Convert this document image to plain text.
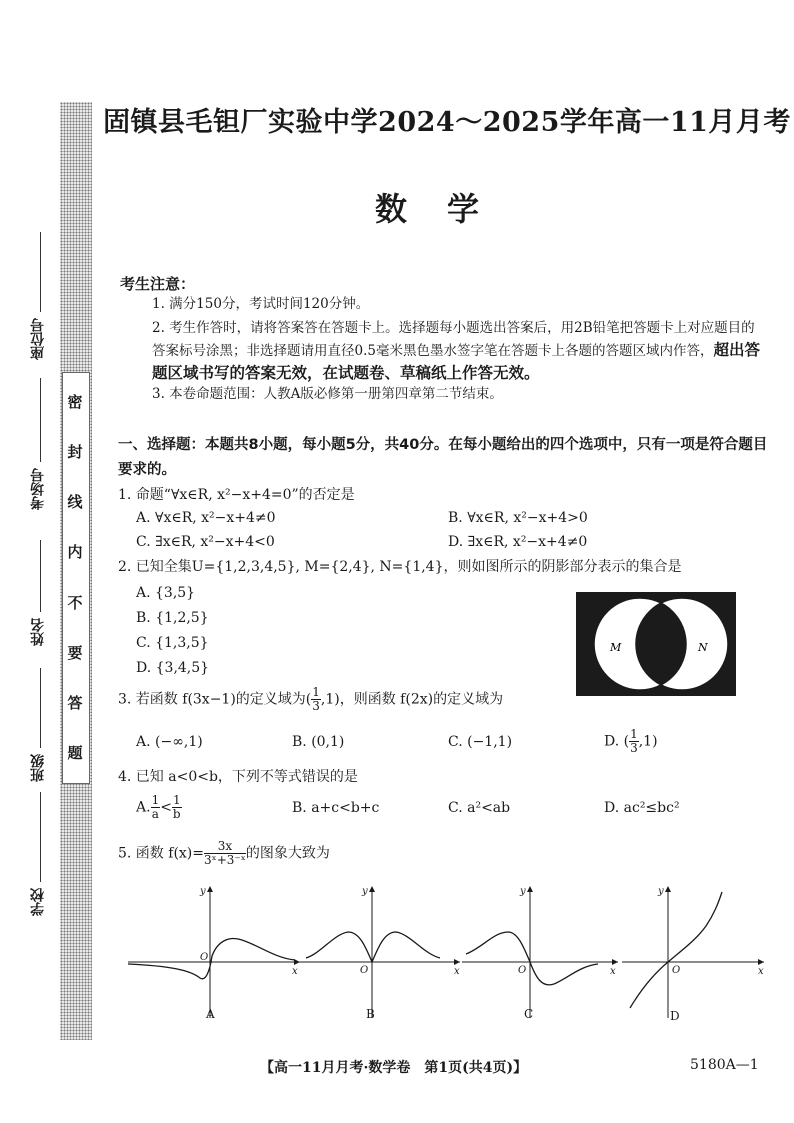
密
封
线
内
不
要
答
题
座位号
考场号
姓名
班级
学校
固镇县毛钽厂实验中学2024～2025学年高一11月月考
数学
考生注意：
1. 满分150分，考试时间120分钟。
2. 考生作答时，请将答案答在答题卡上。选择题每小题选出答案后，用2B铅笔把答题卡上对应题目的答案标号涂黑；非选择题请用直径0.5毫米黑色墨水签字笔在答题卡上各题的答题区域内作答，超出答题区域书写的答案无效，在试题卷、草稿纸上作答无效。
3. 本卷命题范围：人教A版必修第一册第四章第二节结束。
一、选择题：本题共8小题，每小题5分，共40分。在每小题给出的四个选项中，只有一项是符合题目要求的。
1. 命题“∀x∈R, x²−x+4=0”的否定是
A. ∀x∈R, x²−x+4≠0	B. ∀x∈R, x²−x+4>0
C. ∃x∈R, x²−x+4<0	D. ∃x∈R, x²−x+4≠0
2. 已知全集U={1,2,3,4,5}, M={2,4}, N={1,4}，则如图所示的阴影部分表示的集合是
A. {3,5}
B. {1,2,5}
C. {1,3,5}
D. {3,4,5}
M	N
3. 若函数 f(3x−1)的定义域为( $\frac{1}{3} ,1$)，则函数 f(2x)的定义域为
A. (−∞,1)	B. (0,1)	C. (−1,1)	D. ( $\frac{1}{3} ,1$)
4. 已知 a<0<b，下列不等式错误的是
A. $\frac{1}{a} < \frac{1}{b}$	B. a+c<b+c	C. a²<ab	D. ac²≤bc²
5. 函数 $f(x)= \frac{3x}{\text{3ˣ+3⁻ˣ}}$ 的图象大致为
x
y
O
A
x
y
O
B
x
y
O
C
x
y
O
D
【高一11月月考·数学卷　第1页(共4页)】	5180A—1
